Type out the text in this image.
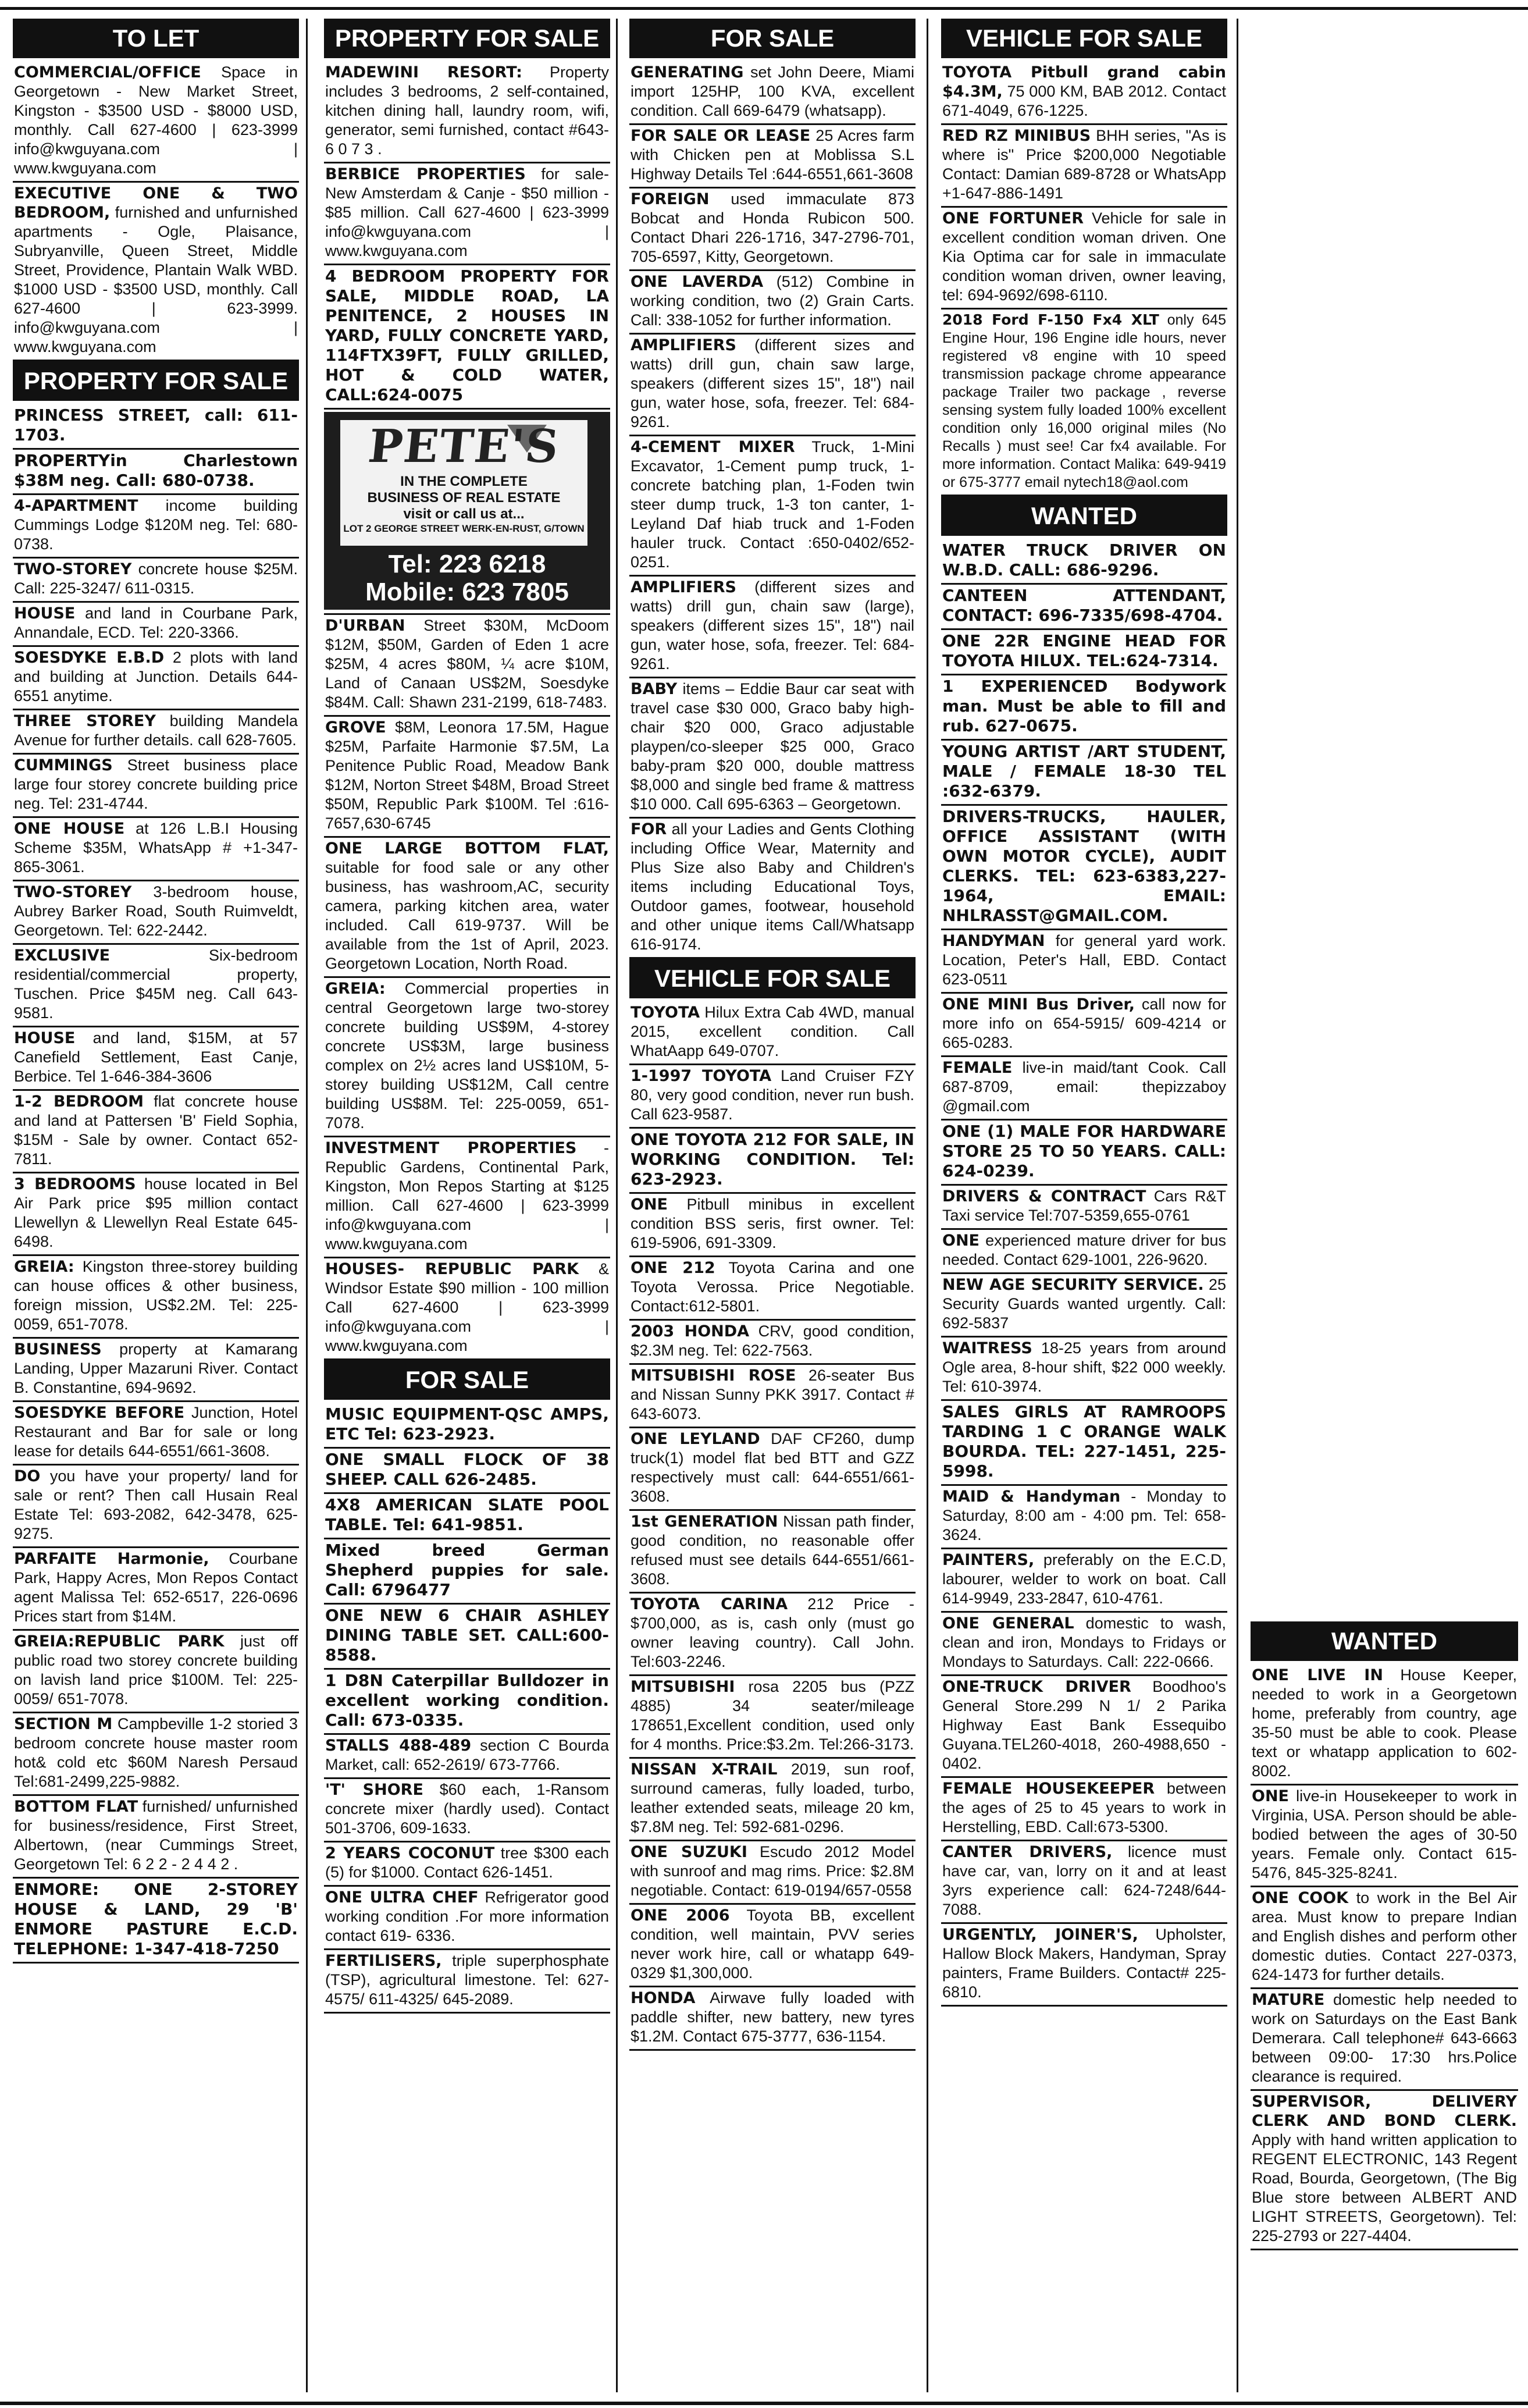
TO LET
COMMERCIAL/OFFICE Space in Georgetown - New Market Street, Kingston - $3500 USD - $8000 USD, monthly. Call 627-4600 | 623-3999 info@kwguyana.com | www.kwguyana.com
EXECUTIVE ONE & TWO BEDROOM, furnished and unfurnished apartments - Ogle, Plaisance, Subryanville, Queen Street, Middle Street, Providence, Plantain Walk WBD. $1000 USD - $3500 USD, monthly. Call 627-4600 | 623-3999. info@kwguyana.com | www.kwguyana.com
PROPERTY FOR SALE
PRINCESS STREET, call: 611-1703.
PROPERTYin Charlestown $38M neg. Call: 680-0738.
4-APARTMENT income building Cummings Lodge $120M neg. Tel: 680-0738.
TWO-STOREY concrete house $25M. Call: 225-3247/ 611-0315.
HOUSE and land in Courbane Park, Annandale, ECD. Tel: 220-3366.
SOESDYKE E.B.D 2 plots with land and building at Junction. Details 644-6551 anytime.
THREE STOREY building Mandela Avenue for further details. call 628-7605.
CUMMINGS Street business place large four storey concrete building price neg. Tel: 231-4744.
ONE HOUSE at 126 L.B.I Housing Scheme $35M, WhatsApp # +1-347-865-3061.
TWO-STOREY 3-bedroom house, Aubrey Barker Road, South Ruimveldt, Georgetown. Tel: 622-2442.
EXCLUSIVE	Six-bedroom residential/commercial property, Tuschen. Price $45M neg. Call 643-9581.
HOUSE and land, $15M, at 57 Canefield Settlement, East Canje, Berbice. Tel 1-646-384-3606
1-2 BEDROOM flat concrete house and land at Pattersen 'B' Field Sophia, $15M - Sale by owner. Contact 652-7811.
3 BEDROOMS house located in Bel Air Park price $95 million contact Llewellyn & Llewellyn Real Estate 645-6498.
GREIA: Kingston three-storey building can house offices & other business, foreign mission, US$2.2M. Tel: 225-0059, 651-7078.
BUSINESS property at Kamarang Landing, Upper Mazaruni River. Contact B. Constantine, 694-9692.
SOESDYKE BEFORE Junction, Hotel Restaurant and Bar for sale or long lease for details 644-6551/661-3608.
DO you have your property/ land for sale or rent? Then call Husain Real Estate Tel: 693-2082, 642-3478, 625-9275.
PARFAITE Harmonie, Courbane Park, Happy Acres, Mon Repos Contact agent Malissa Tel: 652-6517, 226-0696 Prices start from $14M.
GREIA:REPUBLIC PARK just off public road two storey concrete building on lavish land price $100M. Tel: 225-0059/ 651-7078.
SECTION M Campbeville 1-2 storied 3 bedroom concrete house master room hot& cold etc $60M Naresh Persaud Tel:681-2499,225-9882.
BOTTOM FLAT furnished/ unfurnished for business/residence, First Street, Albertown, (near Cummings Street, Georgetown Tel: 6 2 2 - 2 4 4 2 .
ENMORE: ONE 2-STOREY HOUSE & LAND, 29 'B' ENMORE PASTURE E.C.D. TELEPHONE: 1-347-418-7250
PROPERTY FOR SALE
MADEWINI RESORT: Property includes 3 bedrooms, 2 self-contained, kitchen dining hall, laundry room, wifi, generator, semi furnished, contact #643-6 0 7 3 .
BERBICE PROPERTIES for sale- New Amsterdam & Canje - $50 million - $85 million. Call 627-4600 | 623-3999 info@kwguyana.com | www.kwguyana.com
4 BEDROOM PROPERTY FOR SALE, MIDDLE ROAD, LA PENITENCE, 2 HOUSES IN YARD, FULLY CONCRETE YARD, 114FTX39FT, FULLY GRILLED, HOT & COLD WATER, CALL:624-0075
PETE'S
IN THE COMPLETE
BUSINESS OF REAL ESTATE
visit or call us at...
LOT 2 GEORGE STREET WERK-EN-RUST, G/TOWN
Tel: 223 6218
Mobile: 623 7805
D'URBAN Street $30M, McDoom $12M, $50M, Garden of Eden 1 acre $25M, 4 acres $80M, ¼ acre $10M, Land of Canaan US$2M, Soesdyke $84M. Call: Shawn 231-2199, 618-7483.
GROVE $8M, Leonora 17.5M, Hague $25M, Parfaite Harmonie $7.5M, La Penitence Public Road, Meadow Bank $12M, Norton Street $48M, Broad Street $50M, Republic Park $100M. Tel :616-7657,630-6745
ONE LARGE BOTTOM FLAT, suitable for food sale or any other business, has washroom,AC, security camera, parking kitchen area, water included. Call 619-9737. Will be available from the 1st of April, 2023. Georgetown Location, North Road.
GREIA: Commercial properties in central Georgetown large two-storey concrete building US$9M, 4-storey concrete US$3M, large business complex on 2½ acres land US$10M, 5-storey building US$12M, Call centre building US$8M. Tel: 225-0059, 651-7078.
INVESTMENT PROPERTIES - Republic Gardens, Continental Park, Kingston, Mon Repos Starting at $125 million. Call 627-4600 | 623-3999 info@kwguyana.com | www.kwguyana.com
HOUSES- REPUBLIC PARK & Windsor Estate $90 million - 100 million Call 627-4600 | 623-3999 info@kwguyana.com | www.kwguyana.com
FOR SALE
MUSIC EQUIPMENT-QSC AMPS, ETC Tel: 623-2923.
ONE SMALL FLOCK OF 38 SHEEP. CALL 626-2485.
4X8 AMERICAN SLATE POOL TABLE. Tel: 641-9851.
Mixed breed German Shepherd puppies for sale. Call: 6796477
ONE NEW 6 CHAIR ASHLEY DINING TABLE SET. CALL:600-8588.
1 D8N Caterpillar Bulldozer in excellent working condition. Call: 673-0335.
STALLS 488-489 section C Bourda Market, call: 652-2619/ 673-7766.
'T' SHORE $60 each, 1-Ransom concrete mixer (hardly used). Contact 501-3706, 609-1633.
2 YEARS COCONUT tree $300 each (5) for $1000. Contact 626-1451.
ONE ULTRA CHEF Refrigerator good working condition .For more information contact 619- 6336.
FERTILISERS, triple superphosphate (TSP), agricultural limestone. Tel: 627-4575/ 611-4325/ 645-2089.
FOR SALE
GENERATING set John Deere, Miami import 125HP, 100 KVA, excellent condition. Call 669-6479 (whatsapp).
FOR SALE OR LEASE 25 Acres farm with Chicken pen at Moblissa S.L Highway Details Tel :644-6551,661-3608
FOREIGN used immaculate 873 Bobcat and Honda Rubicon 500. Contact Dhari 226-1716, 347-2796-701, 705-6597, Kitty, Georgetown.
ONE LAVERDA (512) Combine in working condition, two (2) Grain Carts. Call: 338-1052 for further information.
AMPLIFIERS (different sizes and watts) drill gun, chain saw large, speakers (different sizes 15", 18") nail gun, water hose, sofa, freezer. Tel: 684-9261.
4-CEMENT MIXER Truck, 1-Mini Excavator, 1-Cement pump truck, 1-concrete batching plan, 1-Foden twin steer dump truck, 1-3 ton canter, 1-Leyland Daf hiab truck and 1-Foden hauler truck. Contact :650-0402/652-0251.
AMPLIFIERS (different sizes and watts) drill gun, chain saw (large), speakers (different sizes 15", 18") nail gun, water hose, sofa, freezer. Tel: 684-9261.
BABY items – Eddie Baur car seat with travel case $30 000, Graco baby high-chair $20 000, Graco adjustable playpen/co-sleeper $25 000, Graco baby-pram $20 000, double mattress $8,000 and single bed frame & mattress $10 000. Call 695-6363 – Georgetown.
FOR all your Ladies and Gents Clothing including Office Wear, Maternity and Plus Size also Baby and Children's items including Educational Toys, Outdoor games, footwear, household and other unique items Call/Whatsapp 616-9174.
VEHICLE FOR SALE
TOYOTA Hilux Extra Cab 4WD, manual 2015, excellent condition. Call WhatAapp 649-0707.
1-1997 TOYOTA Land Cruiser FZY 80, very good condition, never run bush. Call 623-9587.
ONE TOYOTA 212 FOR SALE, IN WORKING CONDITION. Tel: 623-2923.
ONE Pitbull minibus in excellent condition BSS seris, first owner. Tel: 619-5906, 691-3309.
ONE 212 Toyota Carina and one Toyota Verossa. Price Negotiable. Contact:612-5801.
2003 HONDA CRV, good condition, $2.3M neg. Tel: 622-7563.
MITSUBISHI ROSE 26-seater Bus and Nissan Sunny PKK 3917. Contact # 643-6073.
ONE LEYLAND DAF CF260, dump truck(1) model flat bed BTT and GZZ respectively must call: 644-6551/661-3608.
1st GENERATION Nissan path finder, good condition, no reasonable offer refused must see details 644-6551/661-3608.
TOYOTA CARINA 212 Price - $700,000, as is, cash only (must go owner leaving country). Call John. Tel:603-2246.
MITSUBISHI rosa 2205 bus (PZZ 4885) 34 seater/mileage 178651,Excellent condition, used only for 4 months. Price:$3.2m. Tel:266-3173.
NISSAN X-TRAIL 2019, sun roof, surround cameras, fully loaded, turbo, leather extended seats, mileage 20 km, $7.8M neg. Tel: 592-681-0296.
ONE SUZUKI Escudo 2012 Model with sunroof and mag rims. Price: $2.8M negotiable. Contact: 619-0194/657-0558
ONE 2006 Toyota BB, excellent condition, well maintain, PVV series never work hire, call or whatapp 649-0329 $1,300,000.
HONDA Airwave fully loaded with paddle shifter, new battery, new tyres $1.2M. Contact 675-3777, 636-1154.
VEHICLE FOR SALE
TOYOTA Pitbull grand cabin $4.3M, 75 000 KM, BAB 2012. Contact 671-4049, 676-1225.
RED RZ MINIBUS BHH series, "As is where is" Price $200,000 Negotiable Contact: Damian 689-8728 or WhatsApp +1-647-886-1491
ONE FORTUNER Vehicle for sale in excellent condition woman driven. One Kia Optima car for sale in immaculate condition woman driven, owner leaving, tel: 694-9692/698-6110.
2018 Ford F-150 Fx4 XLT only 645 Engine Hour, 196 Engine idle hours, never registered v8 engine with 10 speed transmission package chrome appearance package Trailer two package , reverse sensing system fully loaded 100% excellent condition only 16,000 original miles (No Recalls ) must see! Car fx4 available. For more information. Contact Malika: 649-9419 or 675-3777 email nytech18@aol.com
WANTED
WATER TRUCK DRIVER ON W.B.D. CALL: 686-9296.
CANTEEN ATTENDANT, CONTACT: 696-7335/698-4704.
ONE 22R ENGINE HEAD FOR TOYOTA HILUX. TEL:624-7314.
1 EXPERIENCED Bodywork man. Must be able to fill and rub. 627-0675.
YOUNG ARTIST /ART STUDENT, MALE / FEMALE 18-30 TEL :632-6379.
DRIVERS-TRUCKS, HAULER, OFFICE ASSISTANT (WITH OWN MOTOR CYCLE), AUDIT CLERKS. TEL: 623-6383,227-1964, EMAIL: NHLRASST@GMAIL.COM.
HANDYMAN for general yard work. Location, Peter's Hall, EBD. Contact 623-0511
ONE MINI Bus Driver, call now for more info on 654-5915/ 609-4214 or 665-0283.
FEMALE live-in maid/tant Cook. Call 687-8709, email: thepizzaboy @gmail.com
ONE (1) MALE FOR HARDWARE STORE 25 TO 50 YEARS. CALL: 624-0239.
DRIVERS & CONTRACT Cars R&T Taxi service Tel:707-5359,655-0761
ONE experienced mature driver for bus needed. Contact 629-1001, 226-9620.
NEW AGE SECURITY SERVICE. 25 Security Guards wanted urgently. Call: 692-5837
WAITRESS 18-25 years from around Ogle area, 8-hour shift, $22 000 weekly. Tel: 610-3974.
SALES GIRLS AT RAMROOPS TARDING 1 C ORANGE WALK BOURDA. TEL: 227-1451, 225-5998.
MAID & Handyman - Monday to Saturday, 8:00 am - 4:00 pm. Tel: 658-3624.
PAINTERS, preferably on the E.C.D, labourer, welder to work on boat. Call 614-9949, 233-2847, 610-4761.
ONE GENERAL domestic to wash, clean and iron, Mondays to Fridays or Mondays to Saturdays. Call: 222-0666.
ONE-TRUCK DRIVER Boodhoo's General Store.299 N 1/ 2 Parika Highway East Bank Essequibo Guyana.TEL260-4018, 260-4988,650 - 0402.
FEMALE HOUSEKEEPER between the ages of 25 to 45 years to work in Herstelling, EBD. Call:673-5300.
CANTER DRIVERS, licence must have car, van, lorry on it and at least 3yrs experience call: 624-7248/644-7088.
URGENTLY, JOINER'S, Upholster, Hallow Block Makers, Handyman, Spray painters, Frame Builders. Contact# 225-6810.
WANTED
ONE LIVE IN House Keeper, needed to work in a Georgetown home, preferably from country, age 35-50 must be able to cook. Please text or whatapp application to 602-8002.
ONE live-in Housekeeper to work in Virginia, USA. Person should be able-bodied between the ages of 30-50 years. Female only. Contact 615-5476, 845-325-8241.
ONE COOK to work in the Bel Air area. Must know to prepare Indian and English dishes and perform other domestic duties. Contact 227-0373, 624-1473 for further details.
MATURE domestic help needed to work on Saturdays on the East Bank Demerara. Call telephone# 643-6663 between 09:00- 17:30 hrs.Police clearance is required.
SUPERVISOR, DELIVERY CLERK AND BOND CLERK. Apply with hand written application to REGENT ELECTRONIC, 143 Regent Road, Bourda, Georgetown, (The Big Blue store between ALBERT AND LIGHT STREETS, Georgetown). Tel: 225-2793 or 227-4404.
